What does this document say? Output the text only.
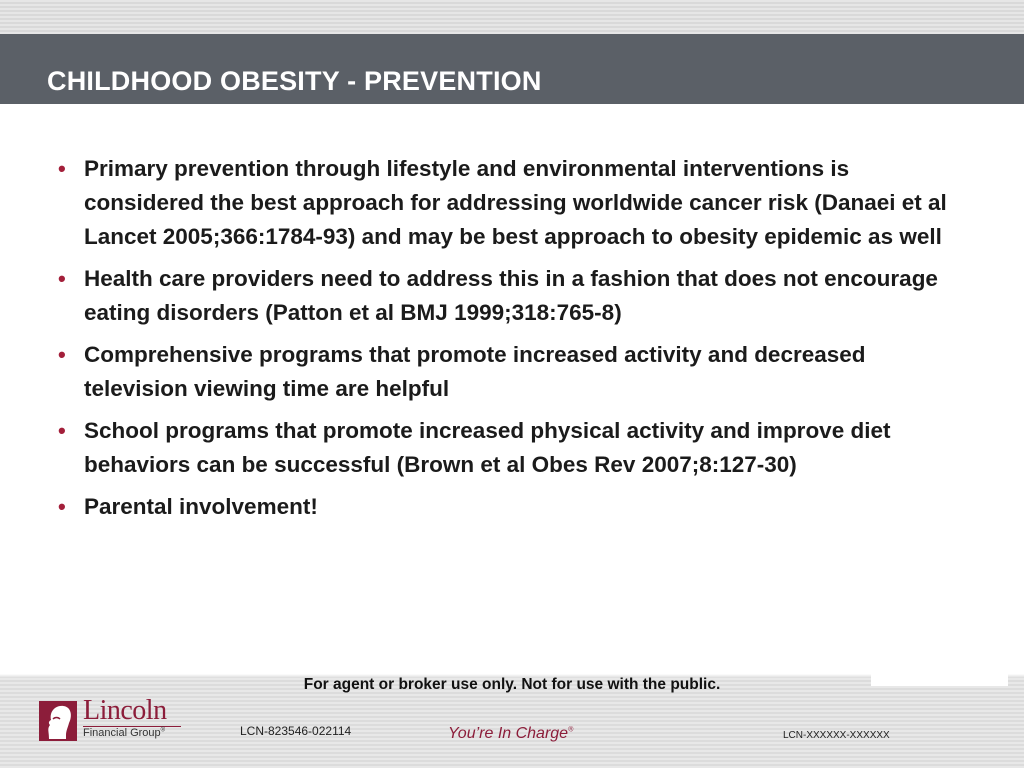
CHILDHOOD OBESITY - PREVENTION
• Primary prevention through lifestyle and environmental interventions is considered the best approach for addressing worldwide cancer risk (Danaei et al Lancet 2005;366:1784-93) and may be best approach to obesity epidemic as well
• Health care providers need to address this in a fashion that does not encourage eating disorders (Patton et al BMJ 1999;318:765-8)
• Comprehensive programs that promote increased activity and decreased television viewing time are helpful
• School programs that promote increased physical activity and improve diet behaviors can be successful (Brown et al Obes Rev 2007;8:127-30)
• Parental involvement!

For agent or broker use only. Not for use with the public.

Lincoln
Financial Group®	LCN-823546-022114	You’re In Charge®	LCN-XXXXXX-XXXXXX
